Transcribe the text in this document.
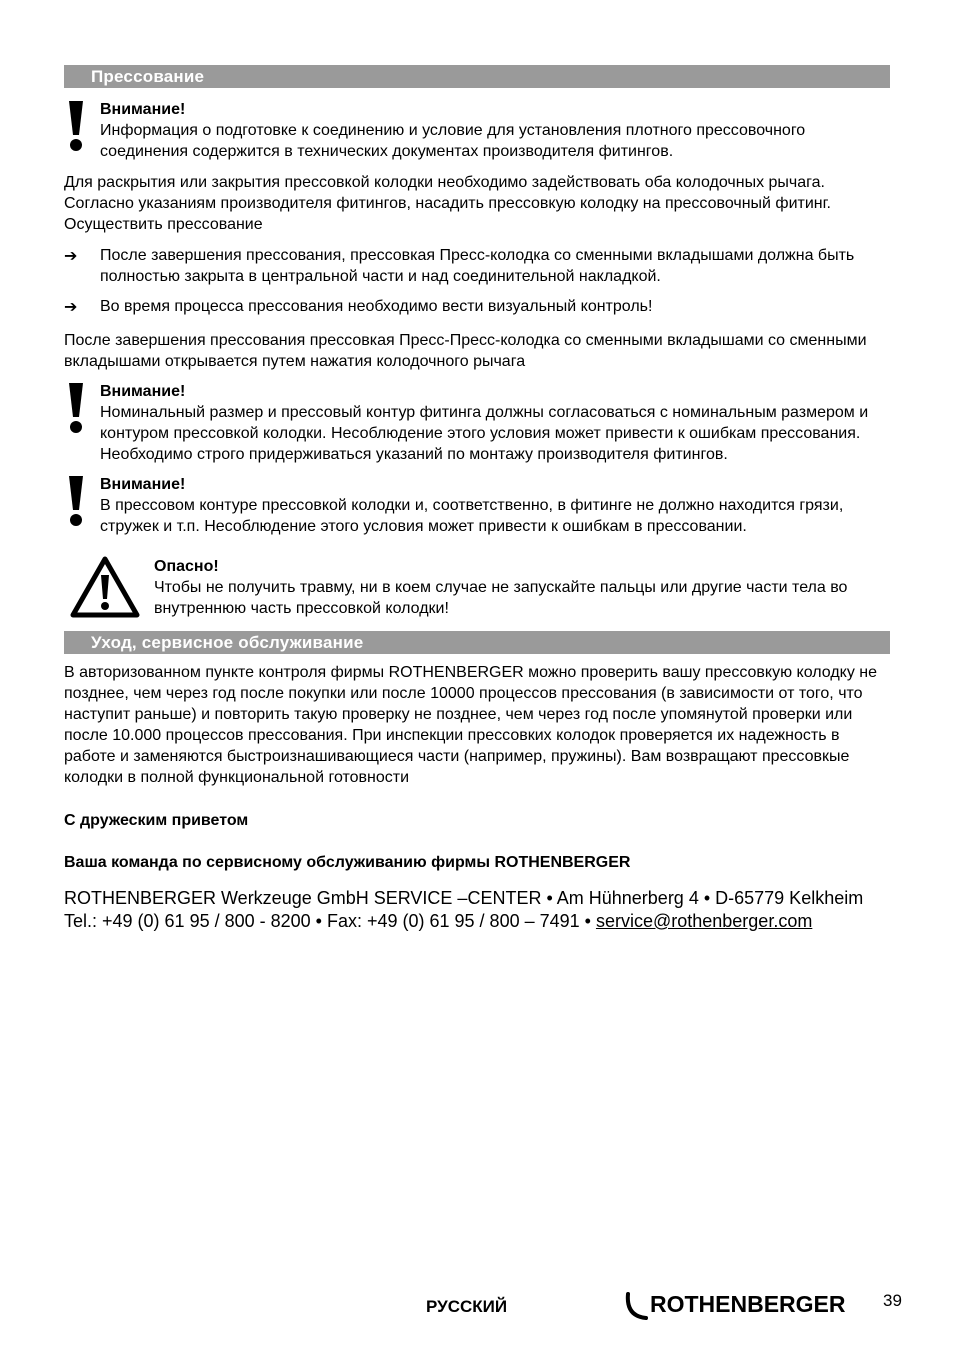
Прессование

Внимание!

Информация о подготовке к соединению и условие для установления плотного прессовочного соединения содержится в технических документах производителя фитингов.

Для раскрытия или закрытия прессовкой колодки необходимо задействовать оба колодочных рычага. Согласно указаниям производителя фитингов, насадить прессовкую колодку на прессовочный фитинг. Осуществить прессование

➔ После завершения прессования, прессовкая Пресс-колодка со сменными вкладышами должна быть полностью закрыта в центральной части и над соединительной накладкой.

➔ Во время процесса прессования необходимо вести визуальный контроль!

После завершения прессования прессовкая Пресс-Пресс-колодка со сменными вкладышами со сменными вкладышами открывается путем нажатия колодочного рычага

Внимание!

Номинальный размер и прессовый контур фитинга должны согласоваться с номинальным размером и контуром прессовкой колодки. Несоблюдение этого условия может привести к ошибкам прессования. Необходимо строго придерживаться указаний по монтажу производителя фитингов.

Внимание!

В прессовом контуре прессовкой колодки и, соответственно, в фитинге не должно находится грязи, стружек и т.п. Несоблюдение этого условия может привести к ошибкам в прессовании.

Опасно!

Чтобы не получить травму, ни в коем случае не запускайте пальцы или другие части тела во внутреннюю часть прессовкой колодки!

Уход, сервисное обслуживание

В авторизованном пункте контроля фирмы ROTHENBERGER можно проверить вашу прессовкую колодку не позднее, чем через год после покупки или после 10000 процессов прессования (в зависимости от того, что наступит раньше) и повторить такую проверку не позднее, чем через год после упомянутой проверки или после 10.000 процессов прессования. При инспекции прессовких колодок проверяется их надежность в работе и заменяются быстроизнашивающиеся части (например, пружины). Вам возвращают прессовкые колодки в полной функциональной готовности

С дружеским приветом

Ваша команда по сервисному обслуживанию фирмы ROTHENBERGER

ROTHENBERGER Werkzeuge GmbH SERVICE –CENTER • Am Hühnerberg 4 • D-65779 Kelkheim
Tel.: +49 (0) 61 95 / 800 - 8200 • Fax: +49 (0) 61 95 / 800 – 7491 • service@rothenberger.com
РУССКИЙ	ROTHENBERGER 39
